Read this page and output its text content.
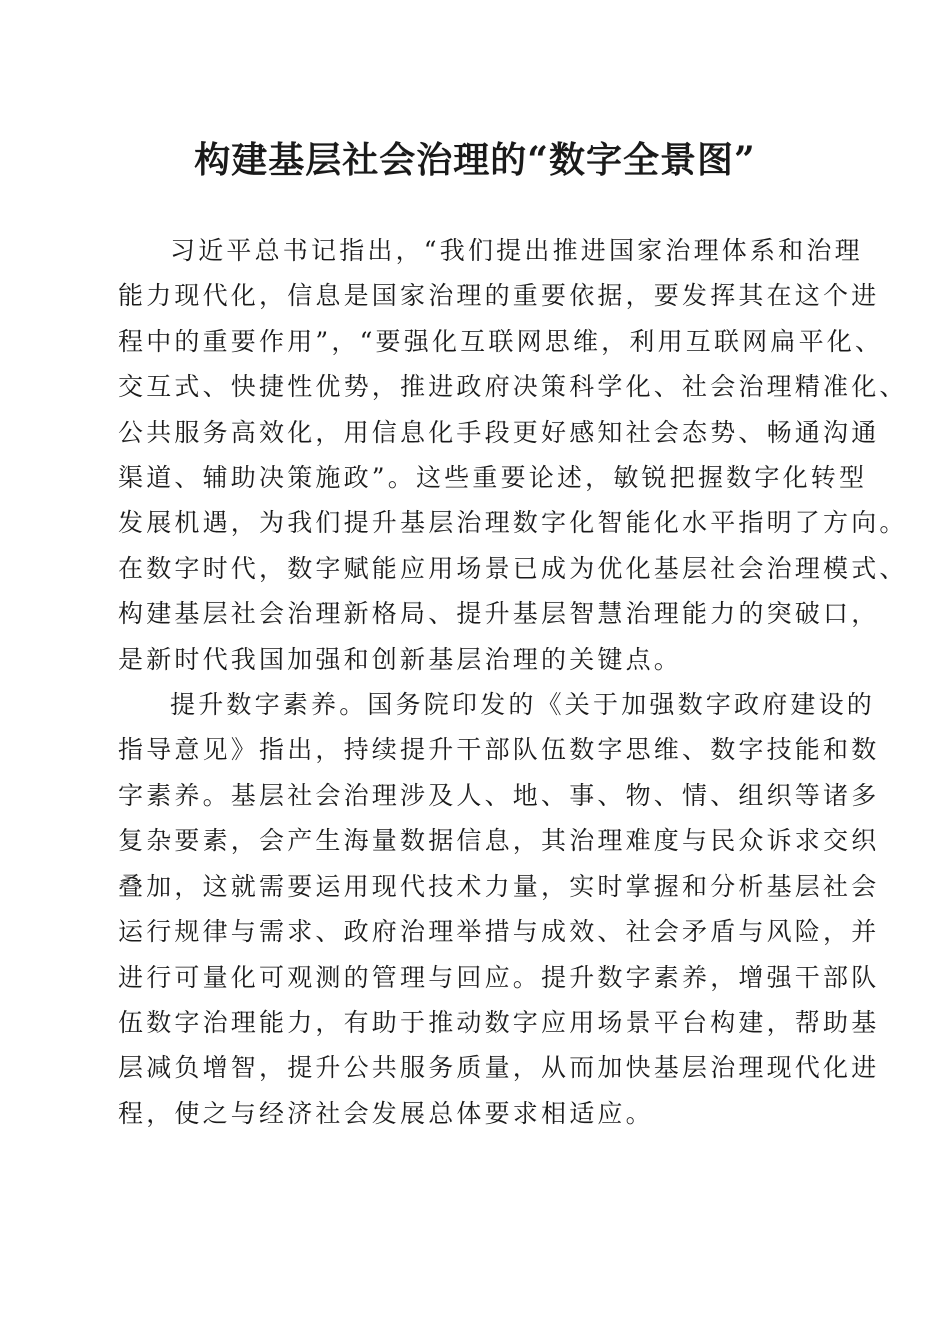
构建基层社会治理的“数字全景图”

习近平总书记指出，“我们提出推进国家治理体系和治理
能力现代化，信息是国家治理的重要依据，要发挥其在这个进
程中的重要作用”，“要强化互联网思维，利用互联网扁平化、
交互式、快捷性优势，推进政府决策科学化、社会治理精准化、
公共服务高效化，用信息化手段更好感知社会态势、畅通沟通
渠道、辅助决策施政”。这些重要论述，敏锐把握数字化转型
发展机遇，为我们提升基层治理数字化智能化水平指明了方向。
在数字时代，数字赋能应用场景已成为优化基层社会治理模式、
构建基层社会治理新格局、提升基层智慧治理能力的突破口，
是新时代我国加强和创新基层治理的关键点。

提升数字素养。国务院印发的《关于加强数字政府建设的
指导意见》指出，持续提升干部队伍数字思维、数字技能和数
字素养。基层社会治理涉及人、地、事、物、情、组织等诸多
复杂要素，会产生海量数据信息，其治理难度与民众诉求交织
叠加，这就需要运用现代技术力量，实时掌握和分析基层社会
运行规律与需求、政府治理举措与成效、社会矛盾与风险，并
进行可量化可观测的管理与回应。提升数字素养，增强干部队
伍数字治理能力，有助于推动数字应用场景平台构建，帮助基
层减负增智，提升公共服务质量，从而加快基层治理现代化进
程，使之与经济社会发展总体要求相适应。
